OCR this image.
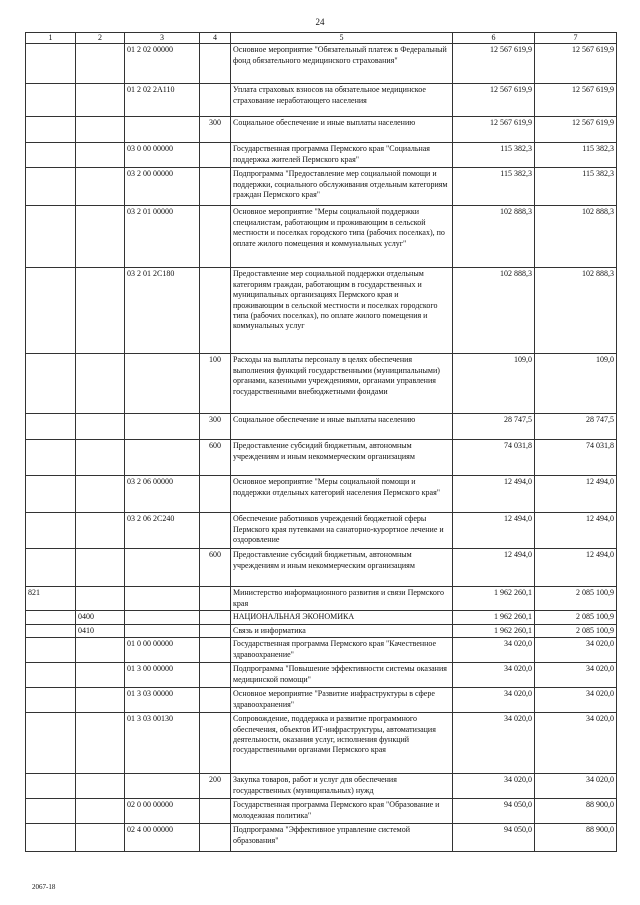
24
1	2	3	4	5	6	7
		01 2 02 00000		Основное мероприятие "Обязательный платеж в Федеральный фонд обязательного медицинского страхования"	12 567 619,9	12 567 619,9
		01 2 02 2А110		Уплата страховых взносов на обязательное медицинское страхование неработающего населения	12 567 619,9	12 567 619,9
			300	Социальное обеспечение и иные выплаты населению	12 567 619,9	12 567 619,9
		03 0 00 00000		Государственная программа Пермского края "Социальная поддержка жителей Пермского края"	115 382,3	115 382,3
		03 2 00 00000		Подпрограмма "Предоставление мер социальной помощи и поддержки, социального обслуживания отдельным категориям граждан Пермского края"	115 382,3	115 382,3
		03 2 01 00000		Основное мероприятие "Меры социальной поддержки специалистам, работающим и проживающим в сельской местности и поселках городского типа (рабочих поселках), по оплате жилого помещения и коммунальных услуг"	102 888,3	102 888,3
		03 2 01 2С180		Предоставление мер социальной поддержки отдельным категориям граждан, работающим в государственных и муниципальных организациях Пермского края и проживающим в сельской местности и поселках городского типа (рабочих поселках), по оплате жилого помещения и коммунальных услуг	102 888,3	102 888,3
			100	Расходы на выплаты персоналу в целях обеспечения выполнения функций государственными (муниципальными) органами, казенными учреждениями, органами управления государственными внебюджетными фондами	109,0	109,0
			300	Социальное обеспечение и иные выплаты населению	28 747,5	28 747,5
			600	Предоставление субсидий бюджетным, автономным учреждениям и иным некоммерческим организациям	74 031,8	74 031,8
		03 2 06 00000		Основное мероприятие "Меры социальной помощи и поддержки отдельных категорий населения Пермского края"	12 494,0	12 494,0
		03 2 06 2С240		Обеспечение работников учреждений бюджетной сферы Пермского края путевками на санаторно-курортное лечение и оздоровление	12 494,0	12 494,0
			600	Предоставление субсидий бюджетным, автономным учреждениям и иным некоммерческим организациям	12 494,0	12 494,0
821				Министерство информационного развития и связи Пермского края	1 962 260,1	2 085 100,9
	0400			НАЦИОНАЛЬНАЯ ЭКОНОМИКА	1 962 260,1	2 085 100,9
	0410			Связь и информатика	1 962 260,1	2 085 100,9
		01 0 00 00000		Государственная программа Пермского края "Качественное здравоохранение"	34 020,0	34 020,0
		01 3 00 00000		Подпрограмма "Повышение эффективности системы оказания медицинской помощи"	34 020,0	34 020,0
		01 3 03 00000		Основное мероприятие "Развитие инфраструктуры в сфере здравоохранения"	34 020,0	34 020,0
		01 3 03 00130		Сопровождение, поддержка и развитие программного обеспечения, объектов ИТ-инфраструктуры, автоматизация деятельности, оказания услуг, исполнения функций государственными органами Пермского края	34 020,0	34 020,0
			200	Закупка товаров, работ и услуг для обеспечения государственных (муниципальных) нужд	34 020,0	34 020,0
		02 0 00 00000		Государственная программа Пермского края "Образование и молодежная политика"	94 050,0	88 900,0
		02 4 00 00000		Подпрограмма "Эффективное управление системой образования"	94 050,0	88 900,0
2067-18
